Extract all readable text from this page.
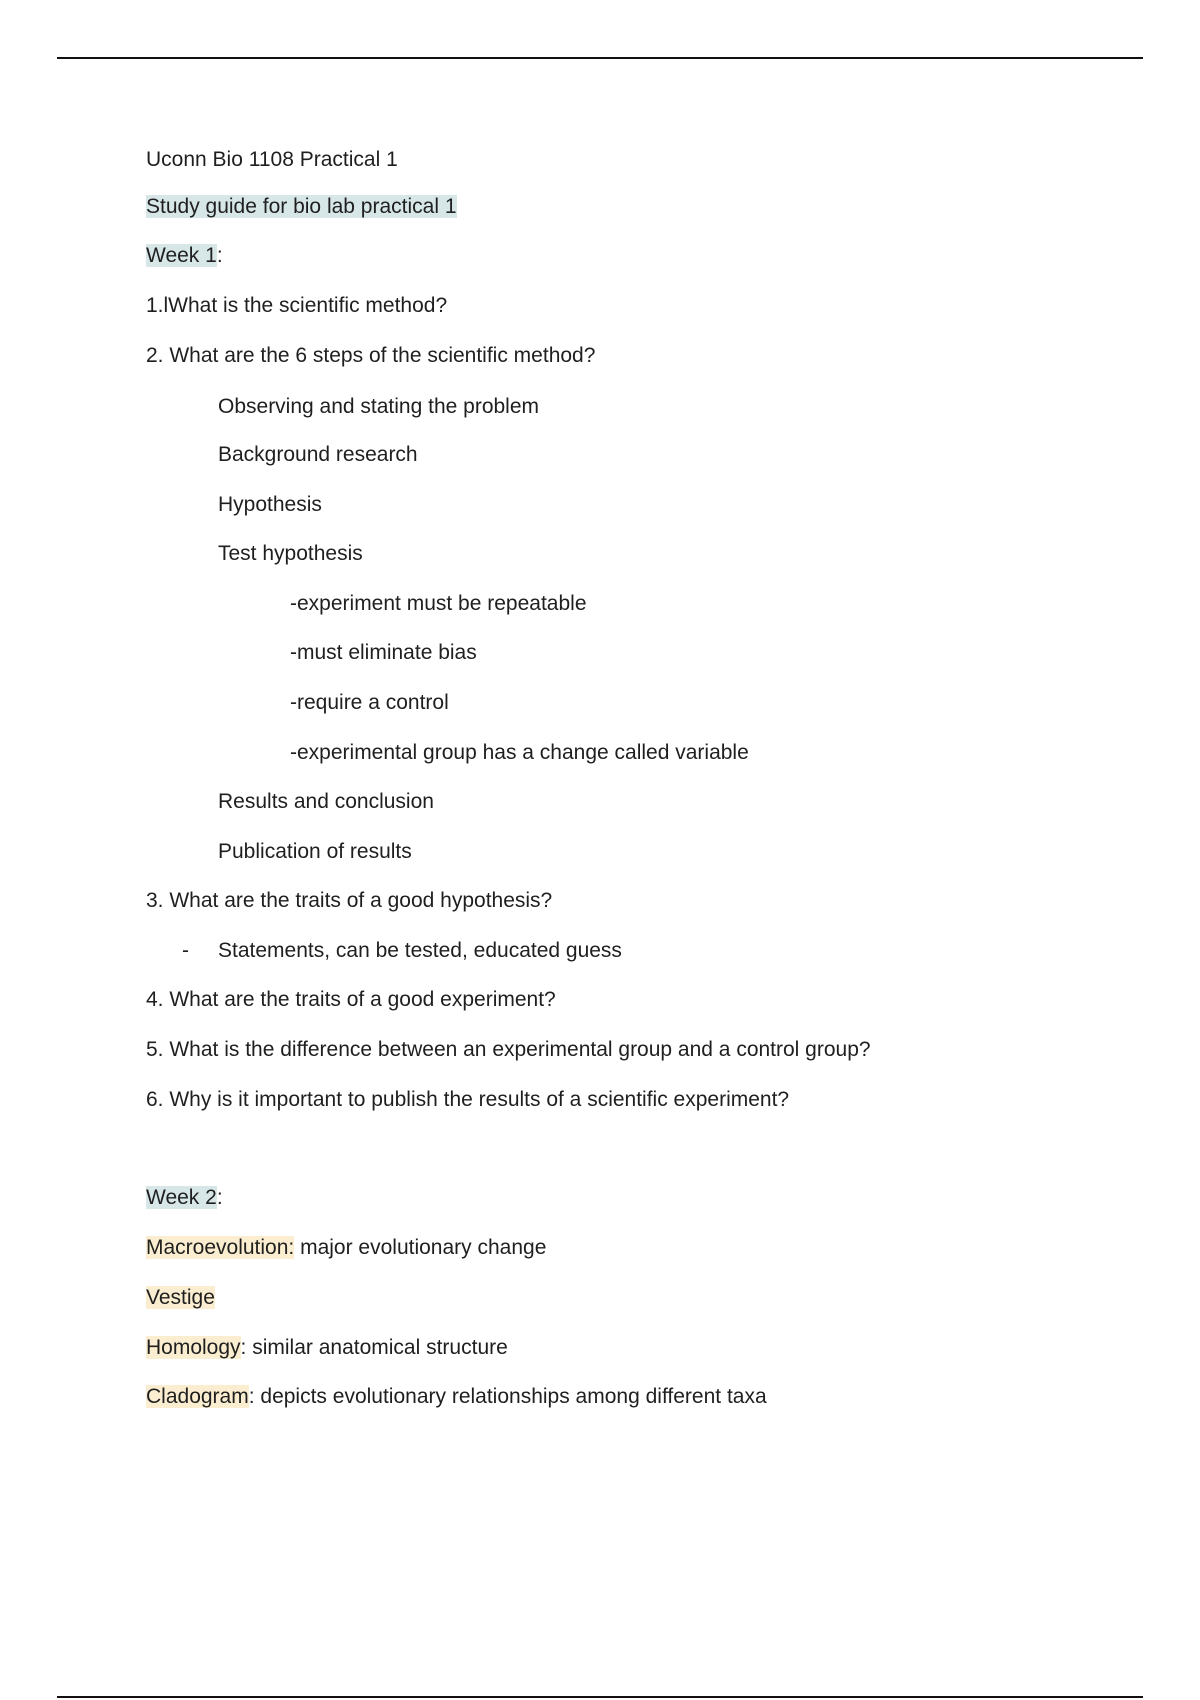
Uconn Bio 1108 Practical 1
Study guide for bio lab practical 1
Week 1:
1.lWhat is the scientific method?
2. What are the 6 steps of the scientific method?
Observing and stating the problem
Background research
Hypothesis
Test hypothesis
-experiment must be repeatable
-must eliminate bias
-require a control
-experimental group has a change called variable
Results and conclusion
Publication of results
3. What are the traits of a good hypothesis?
- Statements, can be tested, educated guess
4. What are the traits of a good experiment?
5. What is the difference between an experimental group and a control group?
6. Why is it important to publish the results of a scientific experiment?
Week 2:
Macroevolution: major evolutionary change
Vestige
Homology: similar anatomical structure
Cladogram: depicts evolutionary relationships among different taxa
